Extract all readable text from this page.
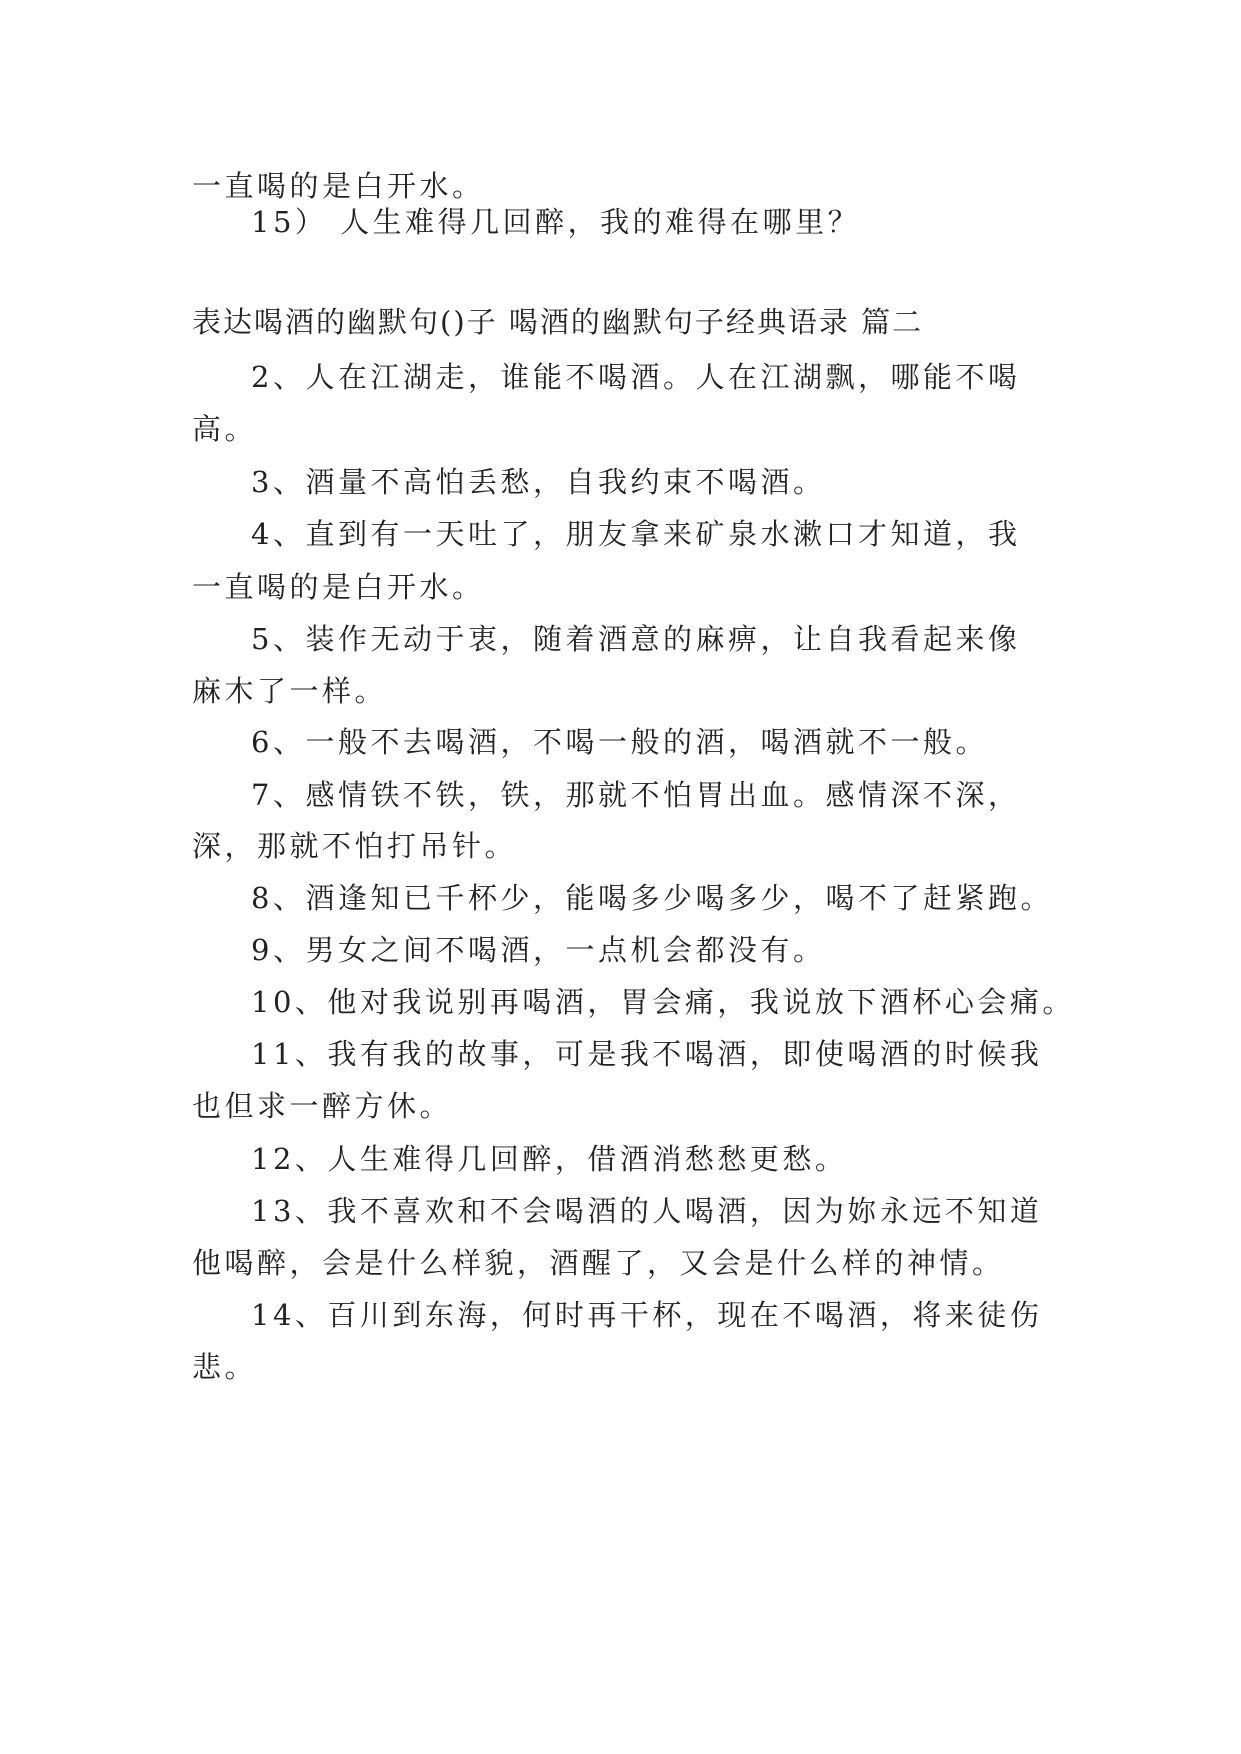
一直喝的是白开水。
15） 人生难得几回醉，我的难得在哪里？
表达喝酒的幽默句()子 喝酒的幽默句子经典语录 篇二
2、人在江湖走，谁能不喝酒。人在江湖飘，哪能不喝
高。
3、酒量不高怕丢愁，自我约束不喝酒。
4、直到有一天吐了，朋友拿来矿泉水漱口才知道，我
一直喝的是白开水。
5、装作无动于衷，随着酒意的麻痹，让自我看起来像
麻木了一样。
6、一般不去喝酒，不喝一般的酒，喝酒就不一般。
7、感情铁不铁，铁，那就不怕胃出血。感情深不深，
深，那就不怕打吊针。
8、酒逢知已千杯少，能喝多少喝多少，喝不了赶紧跑。
9、男女之间不喝酒，一点机会都没有。
10、他对我说别再喝酒，胃会痛，我说放下酒杯心会痛。
11、我有我的故事，可是我不喝酒，即使喝酒的时候我
也但求一醉方休。
12、人生难得几回醉，借酒消愁愁更愁。
13、我不喜欢和不会喝酒的人喝酒，因为妳永远不知道
他喝醉，会是什么样貌，酒醒了，又会是什么样的神情。
14、百川到东海，何时再干杯，现在不喝酒，将来徒伤
悲。
